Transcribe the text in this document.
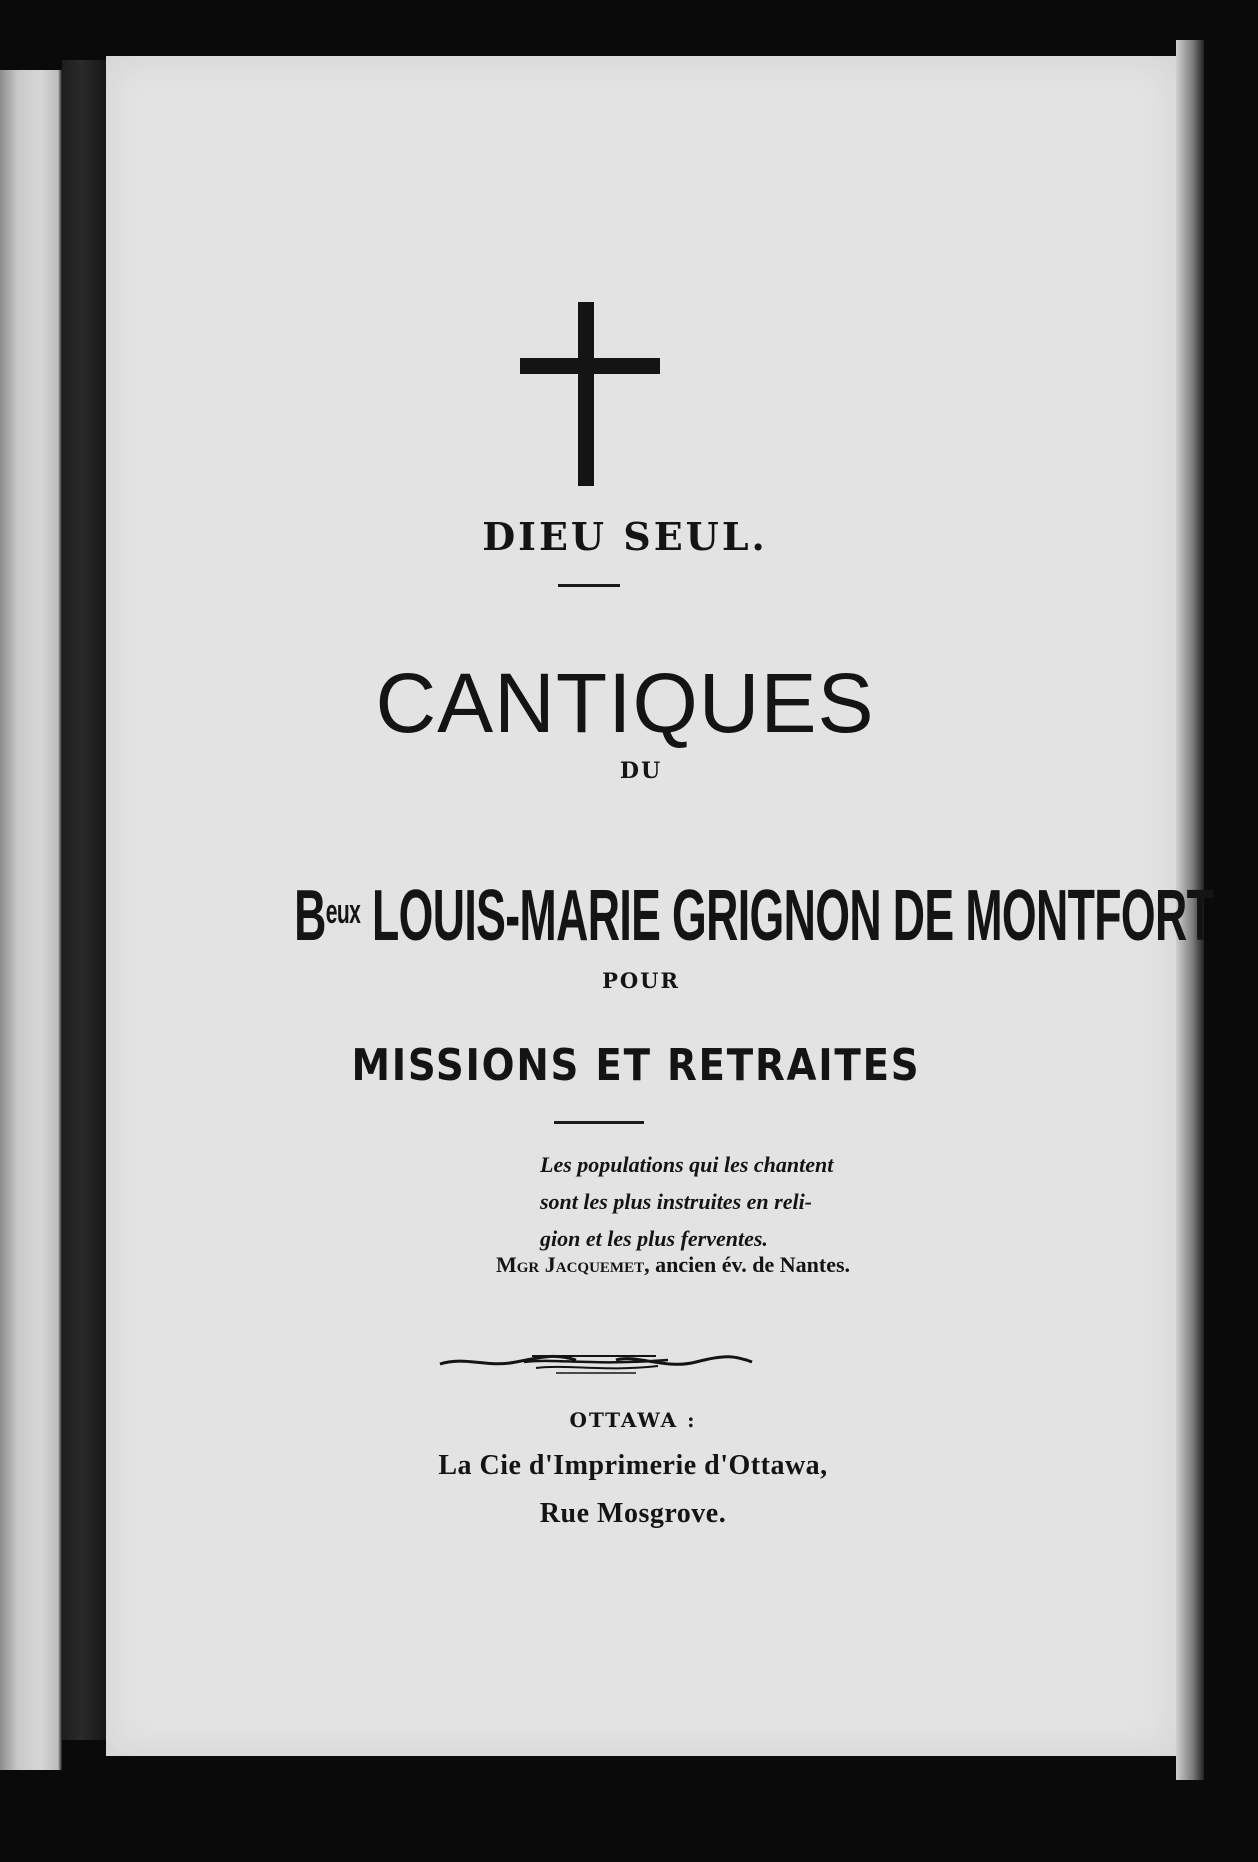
DIEU SEUL.
CANTIQUES
DU
$B^{eux}$ LOUIS-MARIE GRIGNON DE MONTFORT
POUR
MISSIONS ET RETRAITES
Les populations qui les chantent
sont les plus instruites en reli-
gion et les plus ferventes.
Mgr Jacquemet, ancien év. de Nantes.
OTTAWA :
La Cie d'Imprimerie d'Ottawa,
Rue Mosgrove.
